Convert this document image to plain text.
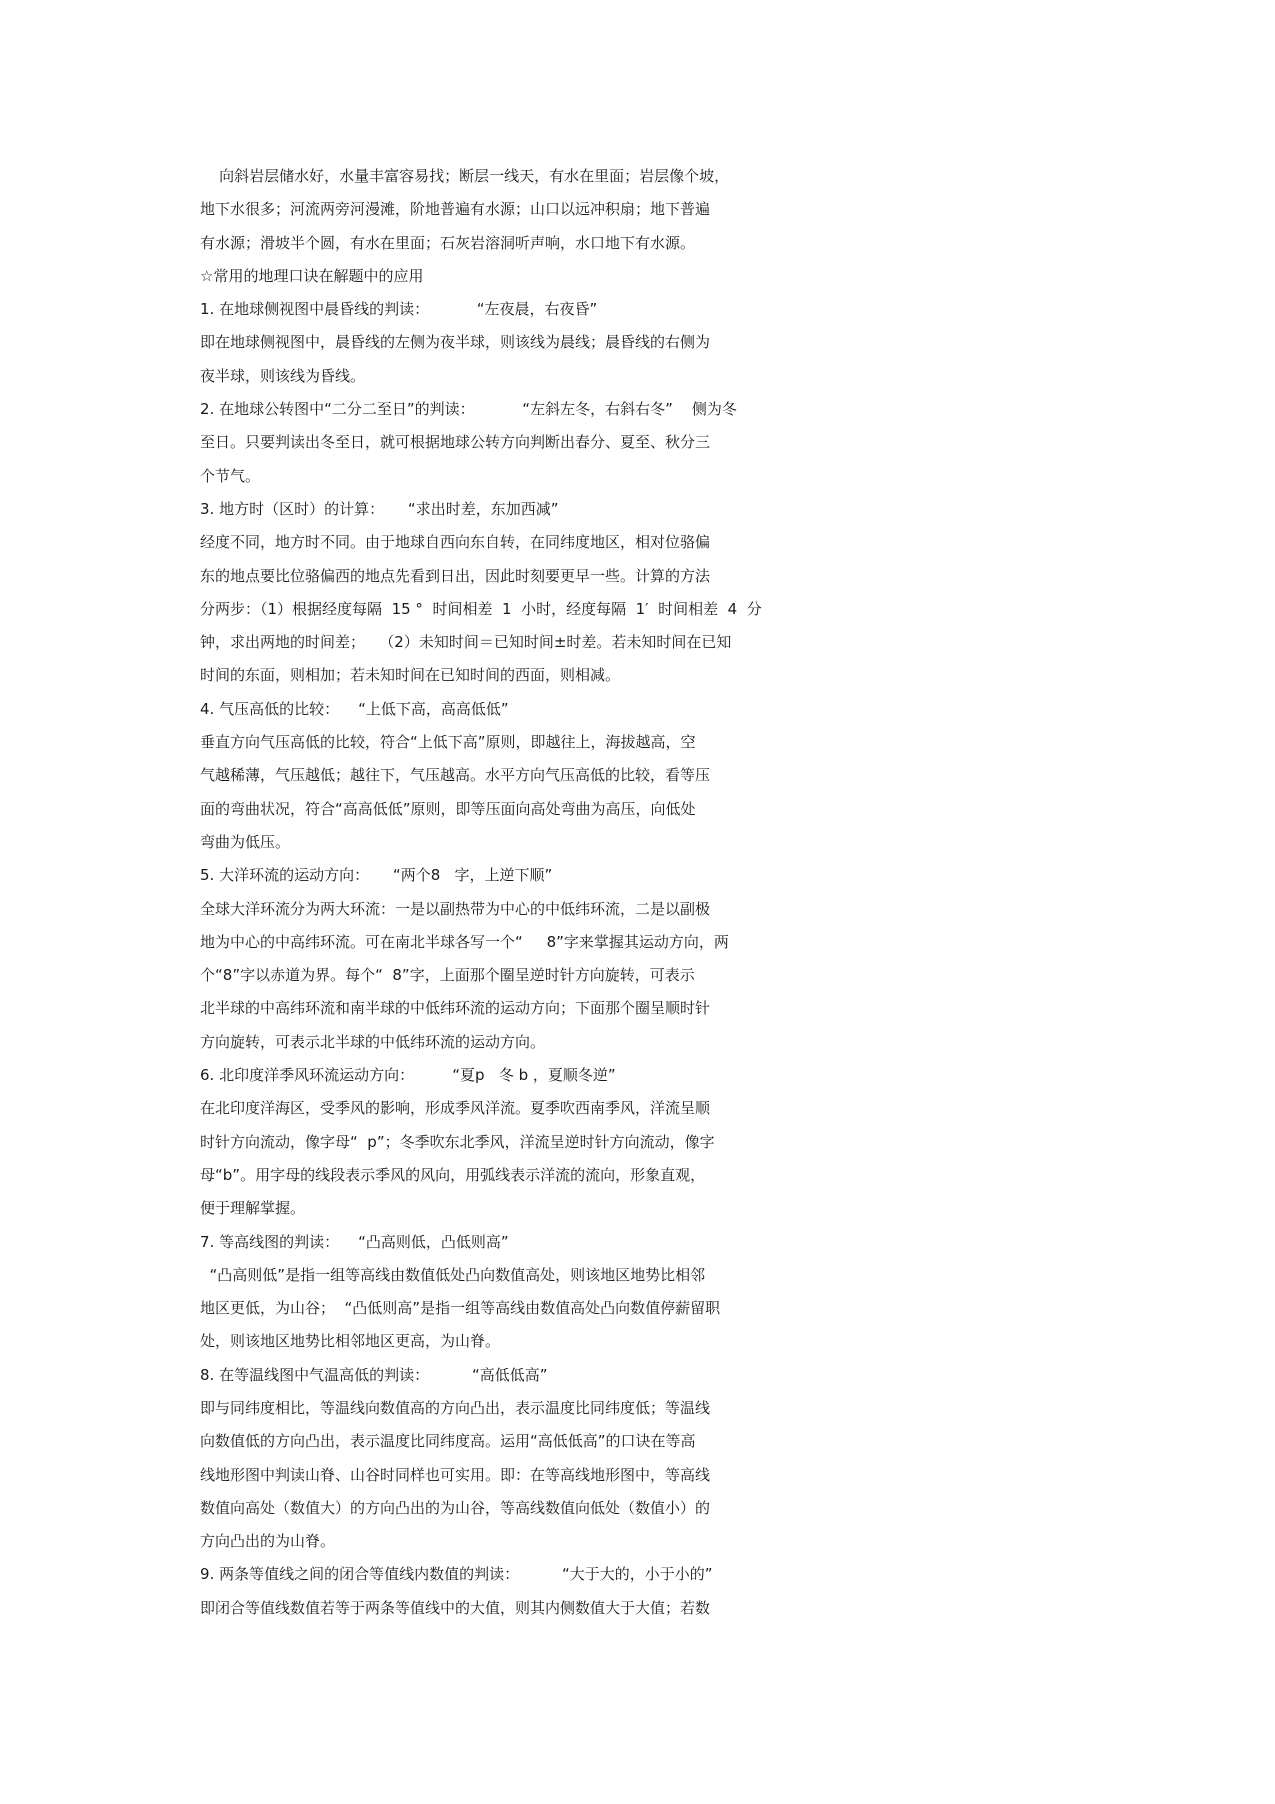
向斜岩层储水好，水量丰富容易找；断层一线天，有水在里面；岩层像个坡，
地下水很多；河流两旁河漫滩，阶地普遍有水源；山口以远冲积扇；地下普遍
有水源；滑坡半个圆，有水在里面；石灰岩溶洞听声响，水口地下有水源。
☆常用的地理口诀在解题中的应用
1. 在地球侧视图中晨昏线的判读：          “左夜晨，右夜昏”
即在地球侧视图中，晨昏线的左侧为夜半球，则该线为晨线；晨昏线的右侧为
夜半球，则该线为昏线。
2. 在地球公转图中“二分二至日”的判读：          “左斜左冬，右斜右冬”    侧为冬
至日。只要判读出冬至日，就可根据地球公转方向判断出春分、夏至、秋分三
个节气。
3. 地方时（区时）的计算：     “求出时差，东加西减”
经度不同，地方时不同。由于地球自西向东自转，在同纬度地区，相对位骆偏
东的地点要比位骆偏西的地点先看到日出，因此时刻要更早一些。计算的方法
分两步：（1）根据经度每隔  15 °  时间相差  1  小时，经度每隔  1′  时间相差  4  分
钟，求出两地的时间差；   （2）未知时间＝已知时间±时差。若未知时间在已知
时间的东面，则相加；若未知时间在已知时间的西面，则相减。
4. 气压高低的比较：    “上低下高，高高低低”
垂直方向气压高低的比较，符合“上低下高”原则，即越往上，海拔越高，空
气越稀薄，气压越低；越往下，气压越高。水平方向气压高低的比较，看等压
面的弯曲状况，符合“高高低低”原则，即等压面向高处弯曲为高压，向低处
弯曲为低压。
5. 大洋环流的运动方向：     “两个8   字，上逆下顺”
全球大洋环流分为两大环流：一是以副热带为中心的中低纬环流，二是以副极
地为中心的中高纬环流。可在南北半球各写一个“     8”字来掌握其运动方向，两
个“8”字以赤道为界。每个“  8”字，上面那个圈呈逆时针方向旋转，可表示
北半球的中高纬环流和南半球的中低纬环流的运动方向；下面那个圈呈顺时针
方向旋转，可表示北半球的中低纬环流的运动方向。
6. 北印度洋季风环流运动方向：        “夏p   冬 b ，夏顺冬逆”
在北印度洋海区，受季风的影响，形成季风洋流。夏季吹西南季风，洋流呈顺
时针方向流动，像字母“  p”；冬季吹东北季风，洋流呈逆时针方向流动，像字
母“b”。用字母的线段表示季风的风向，用弧线表示洋流的流向，形象直观，
便于理解掌握。
7. 等高线图的判读：    “凸高则低，凸低则高”
“凸高则低”是指一组等高线由数值低处凸向数值高处，则该地区地势比相邻
地区更低，为山谷；  “凸低则高”是指一组等高线由数值高处凸向数值停薪留职
处，则该地区地势比相邻地区更高，为山脊。
8. 在等温线图中气温高低的判读：         “高低低高”
即与同纬度相比，等温线向数值高的方向凸出，表示温度比同纬度低；等温线
向数值低的方向凸出，表示温度比同纬度高。运用“高低低高”的口诀在等高
线地形图中判读山脊、山谷时同样也可实用。即：在等高线地形图中，等高线
数值向高处（数值大）的方向凸出的为山谷，等高线数值向低处（数值小）的
方向凸出的为山脊。
9. 两条等值线之间的闭合等值线内数值的判读：         “大于大的，小于小的”
即闭合等值线数值若等于两条等值线中的大值，则其内侧数值大于大值；若数
